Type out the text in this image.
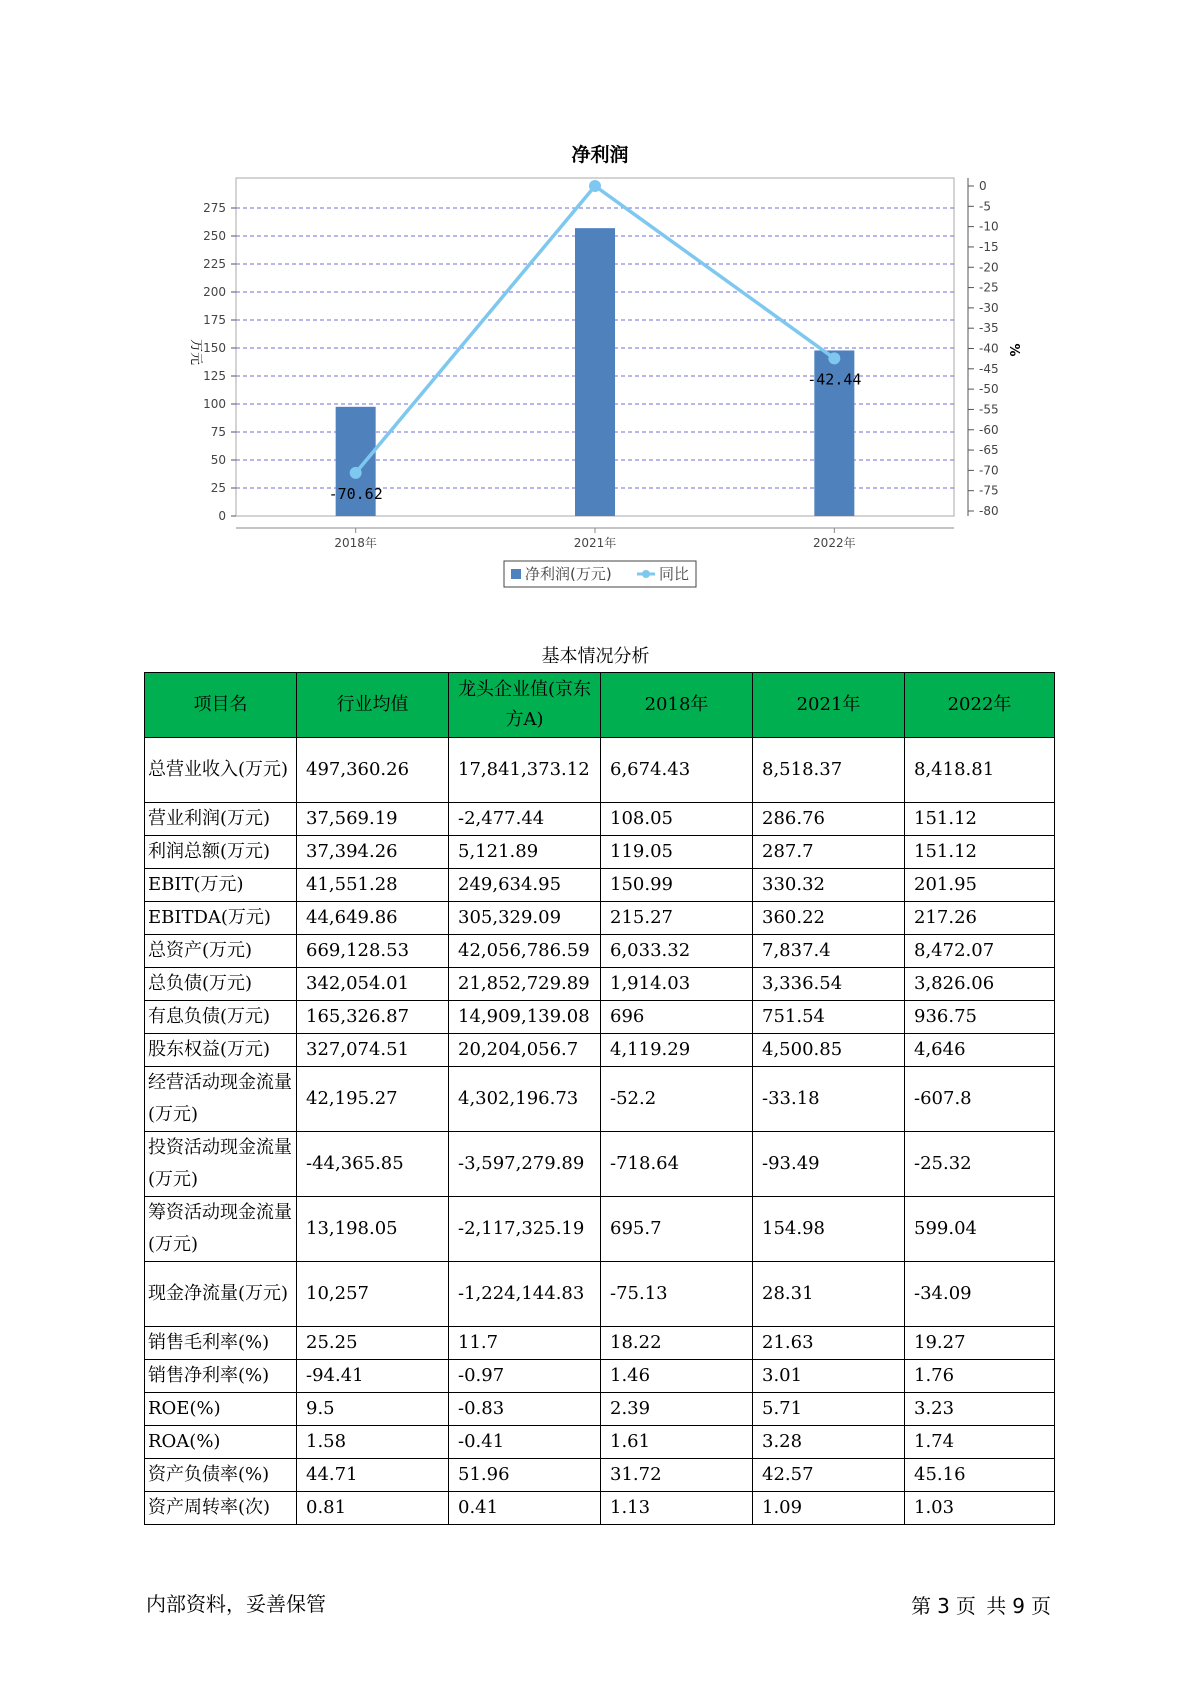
净利润
0
25
50
75
100
125
150
175
200
225
250
275
0
-5
-10
-15
-20
-25
-30
-35
-40
-45
-50
-55
-60
-65
-70
-75
-80
万元	%
2018年	2021年	2022年
-70.62
-42.44
净利润(万元)	同比
基本情况分析
项目名	行业均值	龙头企业值(京东方A)	2018年	2021年	2022年
总营业收入(万元)	497,360.26	17,841,373.12	6,674.43	8,518.37	8,418.81
营业利润(万元)	37,569.19	-2,477.44	108.05	286.76	151.12
利润总额(万元)	37,394.26	5,121.89	119.05	287.7	151.12
EBIT(万元)	41,551.28	249,634.95	150.99	330.32	201.95
EBITDA(万元)	44,649.86	305,329.09	215.27	360.22	217.26
总资产(万元)	669,128.53	42,056,786.59	6,033.32	7,837.4	8,472.07
总负债(万元)	342,054.01	21,852,729.89	1,914.03	3,336.54	3,826.06
有息负债(万元)	165,326.87	14,909,139.08	696	751.54	936.75
股东权益(万元)	327,074.51	20,204,056.7	4,119.29	4,500.85	4,646
经营活动现金流量(万元)	42,195.27	4,302,196.73	-52.2	-33.18	-607.8
投资活动现金流量(万元)	-44,365.85	-3,597,279.89	-718.64	-93.49	-25.32
筹资活动现金流量(万元)	13,198.05	-2,117,325.19	695.7	154.98	599.04
现金净流量(万元)	10,257	-1,224,144.83	-75.13	28.31	-34.09
销售毛利率(%)	25.25	11.7	18.22	21.63	19.27
销售净利率(%)	-94.41	-0.97	1.46	3.01	1.76
ROE(%)	9.5	-0.83	2.39	5.71	3.23
ROA(%)	1.58	-0.41	1.61	3.28	1.74
资产负债率(%)	44.71	51.96	31.72	42.57	45.16
资产周转率(次)	0.81	0.41	1.13	1.09	1.03
内部资料，妥善保管	第 3 页 共 9 页
